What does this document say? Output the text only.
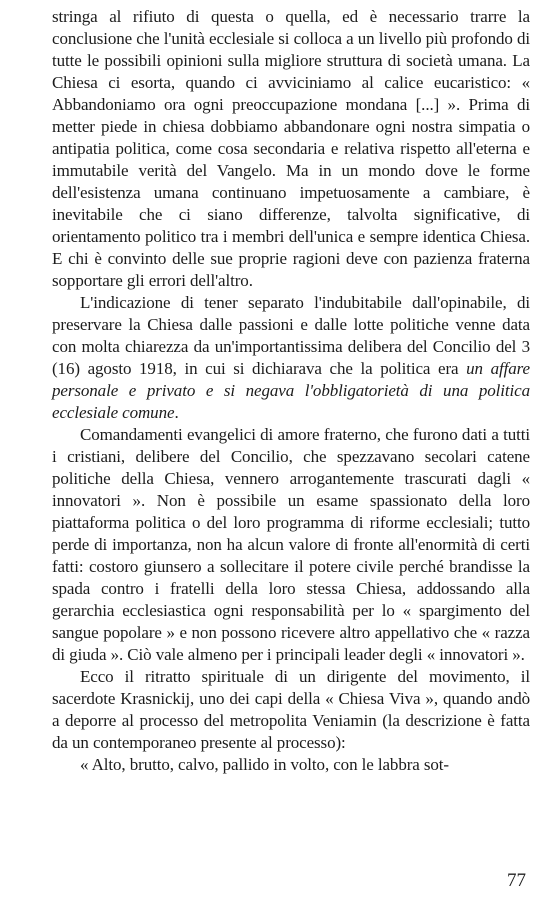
stringa al rifiuto di questa o quella, ed è necessario trarre la conclusione che l'unità ecclesiale si colloca a un livello più profondo di tutte le possibili opinioni sulla migliore struttura di società umana. La Chiesa ci esorta, quando ci avviciniamo al calice eucaristico: « Abbandoniamo ora ogni preoccupazione mondana [...] ». Prima di metter piede in chiesa dobbiamo abbandonare ogni nostra simpatia o antipatia politica, come cosa secondaria e relativa rispetto all'eterna e immutabile verità del Vangelo. Ma in un mondo dove le forme dell'esistenza umana continuano impetuosamente a cambiare, è inevitabile che ci siano differenze, talvolta significative, di orientamento politico tra i membri dell'unica e sempre identica Chiesa. E chi è convinto delle sue proprie ragioni deve con pazienza fraterna sopportare gli errori dell'altro.

L'indicazione di tener separato l'indubitabile dall'opinabile, di preservare la Chiesa dalle passioni e dalle lotte politiche venne data con molta chiarezza da un'importantissima delibera del Concilio del 3 (16) agosto 1918, in cui si dichiarava che la politica era un affare personale e privato e si negava l'obbligatorietà di una politica ecclesiale comune.

Comandamenti evangelici di amore fraterno, che furono dati a tutti i cristiani, delibere del Concilio, che spezzavano secolari catene politiche della Chiesa, vennero arrogantemente trascurati dagli « innovatori ». Non è possibile un esame spassionato della loro piattaforma politica o del loro programma di riforme ecclesiali; tutto perde di importanza, non ha alcun valore di fronte all'enormità di certi fatti: costoro giunsero a sollecitare il potere civile perché brandisse la spada contro i fratelli della loro stessa Chiesa, addossando alla gerarchia ecclesiastica ogni responsabilità per lo « spargimento del sangue popolare » e non possono ricevere altro appellativo che « razza di giuda ». Ciò vale almeno per i principali leader degli « innovatori ».

Ecco il ritratto spirituale di un dirigente del movimento, il sacerdote Krasnickij, uno dei capi della « Chiesa Viva », quando andò a deporre al processo del metropolita Veniamin (la descrizione è fatta da un contemporaneo presente al processo):

« Alto, brutto, calvo, pallido in volto, con le labbra sot-

77
